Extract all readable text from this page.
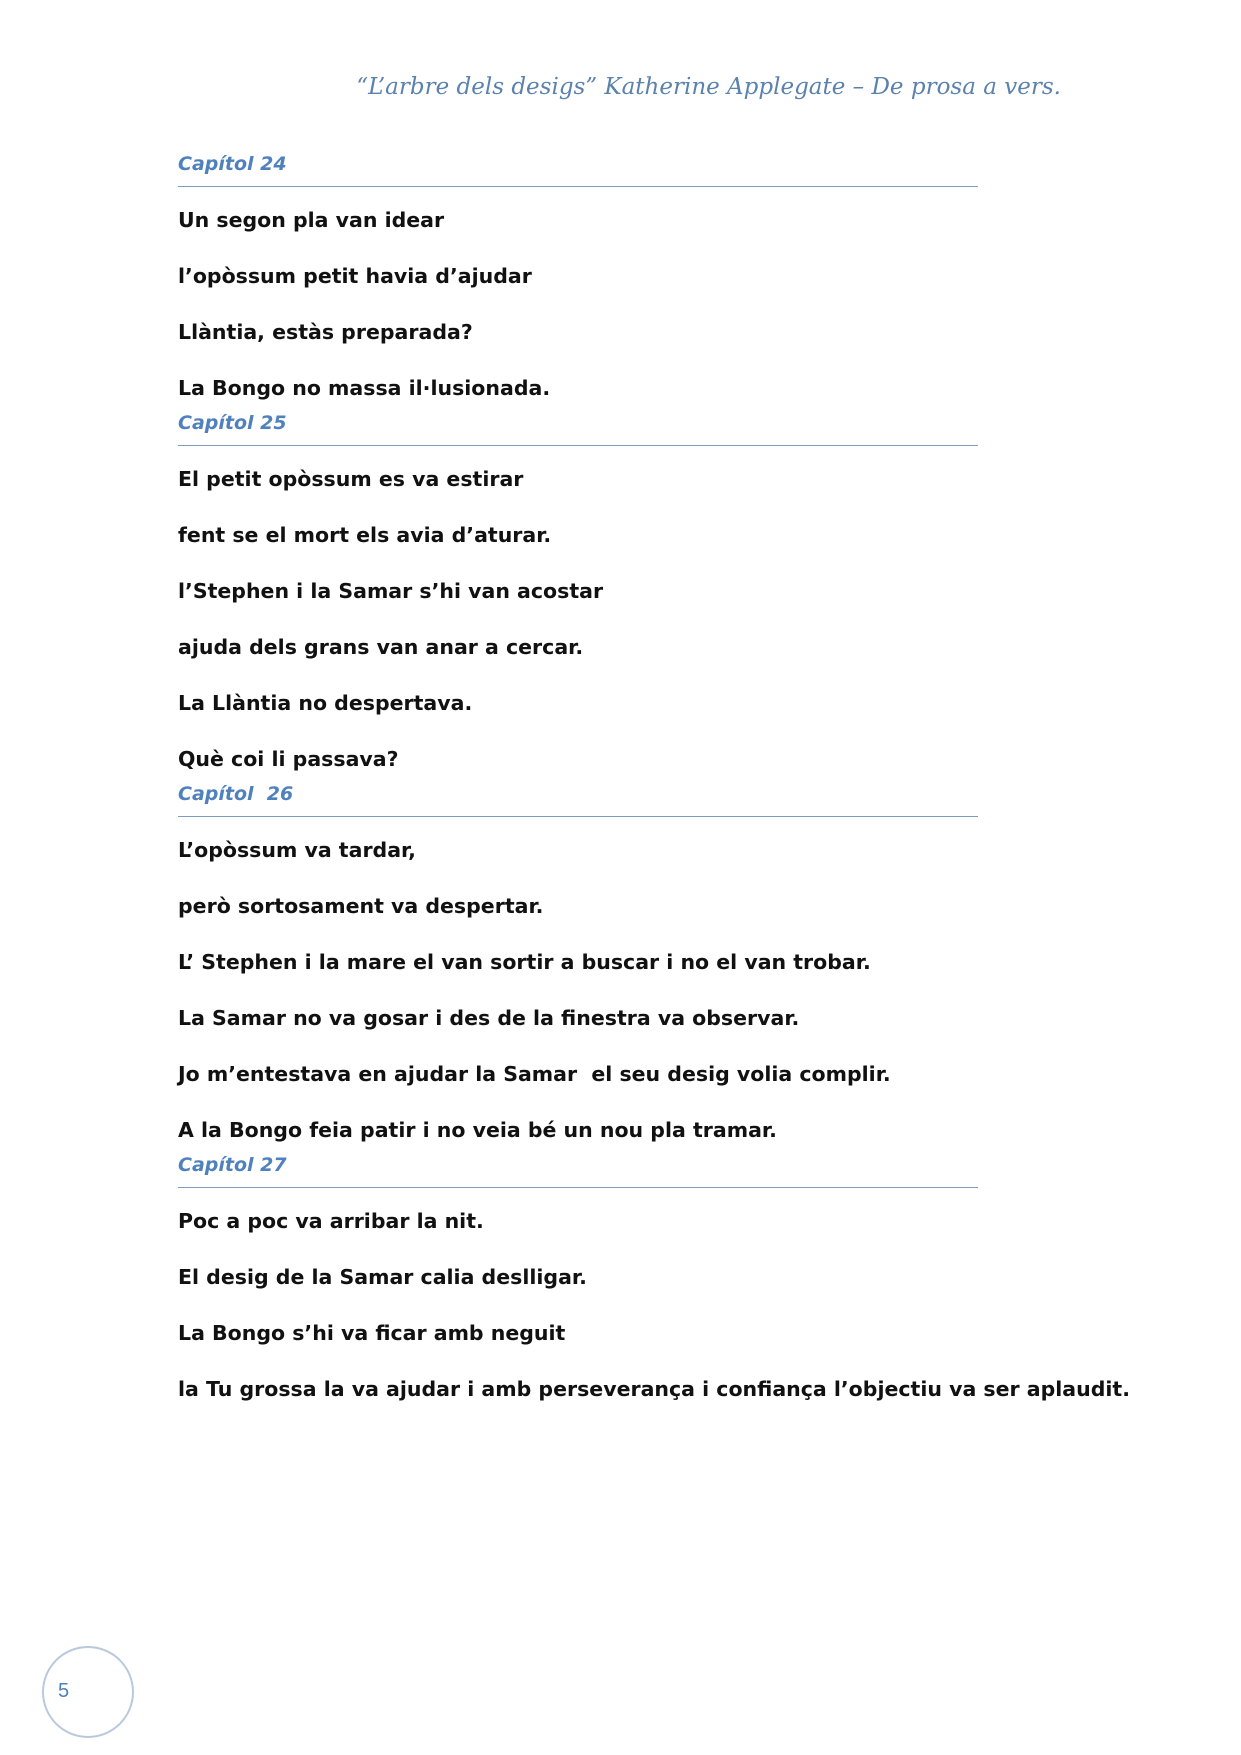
“L’arbre dels desigs” Katherine Applegate – De prosa a vers.
Capítol 24

Un segon pla van idear

l’opòssum petit havia d’ajudar

Llàntia, estàs preparada?

La Bongo no massa il·lusionada.

Capítol 25

El petit opòssum es va estirar

fent se el mort els avia d’aturar.

l’Stephen i la Samar s’hi van acostar

ajuda dels grans van anar a cercar.

La Llàntia no despertava.

Què coi li passava?

Capítol  26

L’opòssum va tardar,

però sortosament va despertar.

L’ Stephen i la mare el van sortir a buscar i no el van trobar.

La Samar no va gosar i des de la finestra va observar.

Jo m’entestava en ajudar la Samar  el seu desig volia complir.

A la Bongo feia patir i no veia bé un nou pla tramar.

Capítol 27

Poc a poc va arribar la nit.

El desig de la Samar calia deslligar.

La Bongo s’hi va ficar amb neguit

la Tu grossa la va ajudar i amb perseverança i confiança l’objectiu va ser aplaudit.

5
